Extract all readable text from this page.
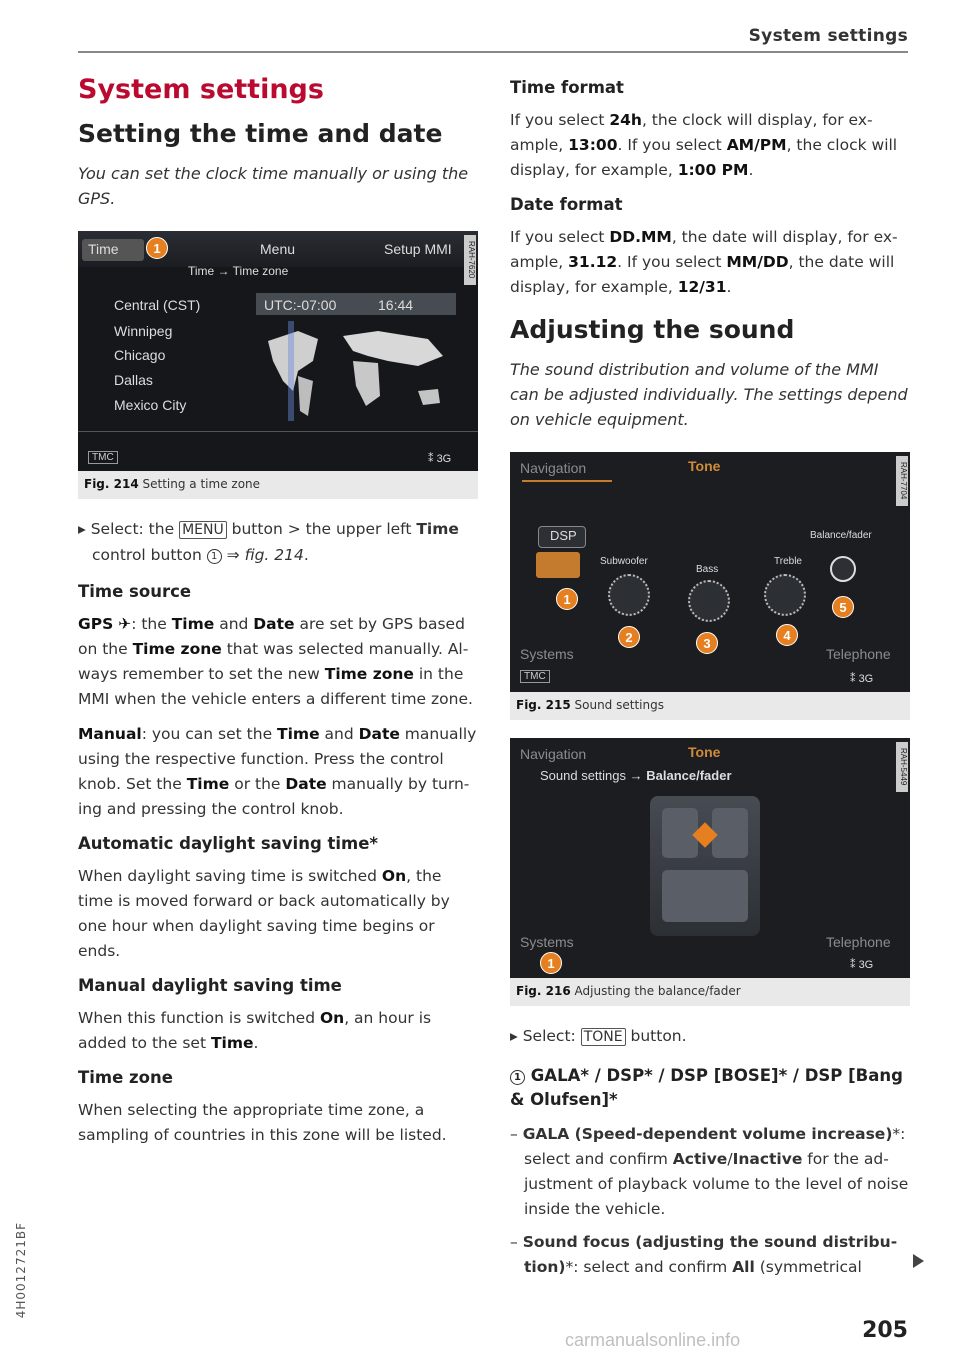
System settings
System settings
Setting the time and date
You can set the clock time manually or using the GPS.
Time	1	Menu	Setup MMI
Time → Time zone	RAH-7620
Central (CST)
Winnipeg
Chicago
Dallas
Mexico City
UTC:-07:00	16:44
TMC	⁑ 3G
Fig. 214 Setting a time zone
▸ Select: the MENU button > the upper left Time control button 1 ⇒ fig. 214.
Time source
GPS ✈: the Time and Date are set by GPS based on the Time zone that was selected manually. Always remember to set the new Time zone in the MMI when the vehicle enters a different time zone.
Manual: you can set the Time and Date manually using the respective function. Press the control knob. Set the Time or the Date manually by turning and pressing the control knob.
Automatic daylight saving time*
When daylight saving time is switched On, the time is moved forward or back automatically by one hour when daylight saving time begins or ends.
Manual daylight saving time
When this function is switched On, an hour is added to the set Time.
Time zone
When selecting the appropriate time zone, a sampling of countries in this zone will be listed.
Time format
If you select 24h, the clock will display, for example, 13:00. If you select AM/PM, the clock will display, for example, 1:00 PM.
Date format
If you select DD.MM, the date will display, for example, 31.12. If you select MM/DD, the date will display, for example, 12/31.
Adjusting the sound
The sound distribution and volume of the MMI can be adjusted individually. The settings depend on vehicle equipment.
Navigation	Tone	RAH-7704
DSP	Balance/fader
Subwoofer
Bass
Treble
1
2	3
4
5
Systems	Telephone
TMC	⁑ 3G
Fig. 215 Sound settings
Navigation	Tone	RAH-5449
Sound settings → Balance/fader
Systems	Telephone
1	⁑ 3G
Fig. 216 Adjusting the balance/fader
▸ Select: TONE button.
1 GALA* / DSP* / DSP [BOSE]* / DSP [Bang & Olufsen]*
– GALA (Speed-dependent volume increase)*: select and confirm Active/Inactive for the adjustment of playback volume to the level of noise inside the vehicle.
– Sound focus (adjusting the sound distribution)*: select and confirm All (symmetrical
205
4H0012721BF
carmanualsonline.info
